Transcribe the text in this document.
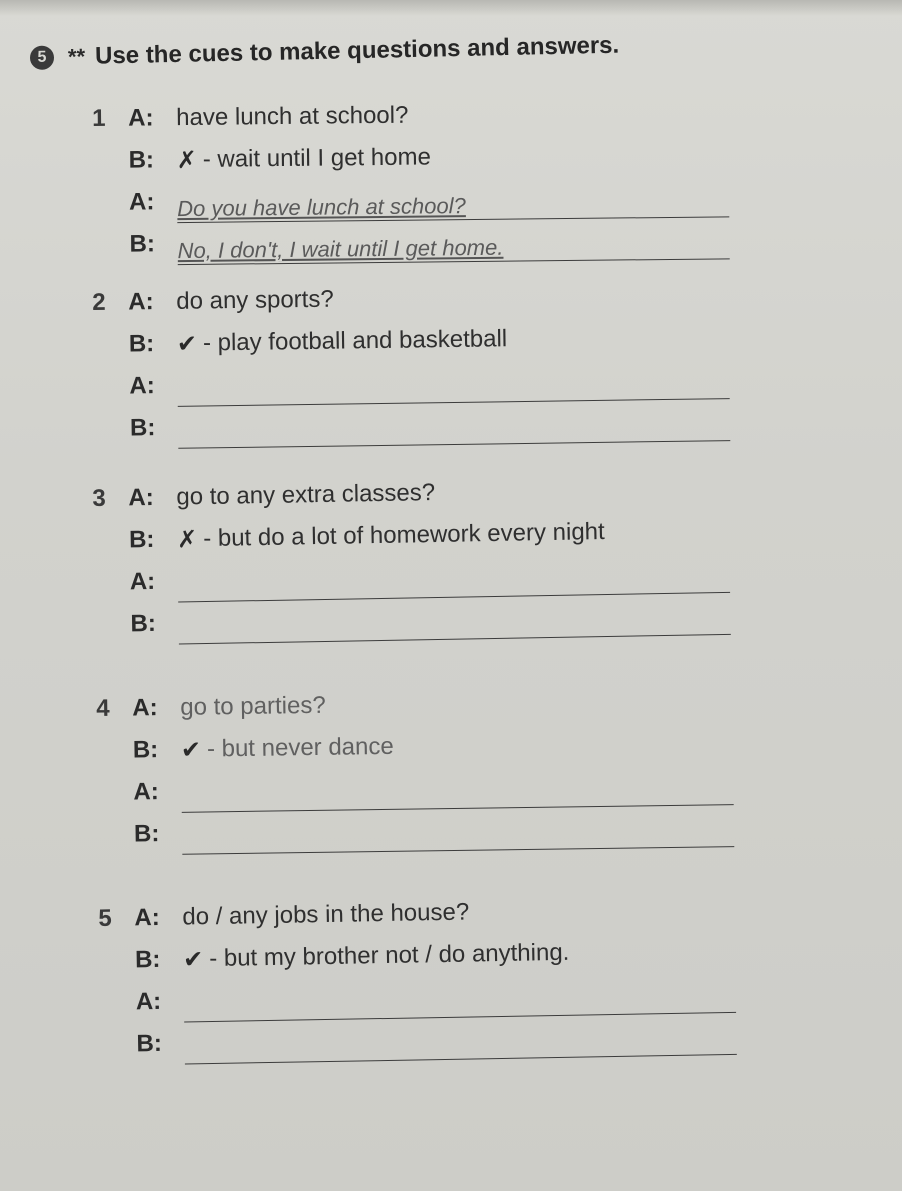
5 ** Use the cues to make questions and answers.
1 A: have lunch at school?
B: ✗ - wait until I get home
A:	Do you have lunch at school?
B:	No, I don't, I wait until I get home.
2 A: do any sports?
B: ✔ - play football and basketball
A:
B:
3 A: go to any extra classes?
B: ✗ - but do a lot of homework every night
A:
B:
4 A: go to parties?
B: ✔ - but never dance
A:
B:
5 A: do / any jobs in the house?
B: ✔ - but my brother not / do anything.
A:
B:
